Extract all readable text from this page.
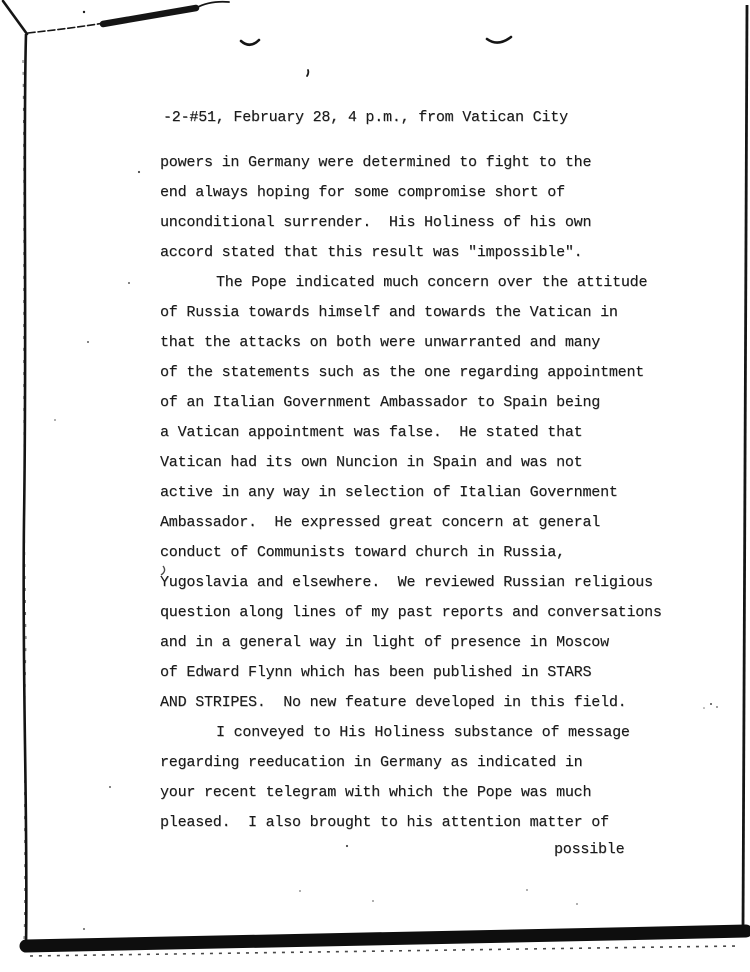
-2-#51, February 28, 4 p.m., from Vatican City
powers in Germany were determined to fight to the
end always hoping for some compromise short of
unconditional surrender.  His Holiness of his own
accord stated that this result was "impossible".
The Pope indicated much concern over the attitude
of Russia towards himself and towards the Vatican in
that the attacks on both were unwarranted and many
of the statements such as the one regarding appointment
of an Italian Government Ambassador to Spain being
a Vatican appointment was false.  He stated that
Vatican had its own Nuncion in Spain and was not
active in any way in selection of Italian Government
Ambassador.  He expressed great concern at general
conduct of Communists toward church in Russia,
Yugoslavia and elsewhere.  We reviewed Russian religious
question along lines of my past reports and conversations
and in a general way in light of presence in Moscow
of Edward Flynn which has been published in STARS
AND STRIPES.  No new feature developed in this field.
I conveyed to His Holiness substance of message
regarding reeducation in Germany as indicated in
your recent telegram with which the Pope was much
pleased.  I also brought to his attention matter of
possible
